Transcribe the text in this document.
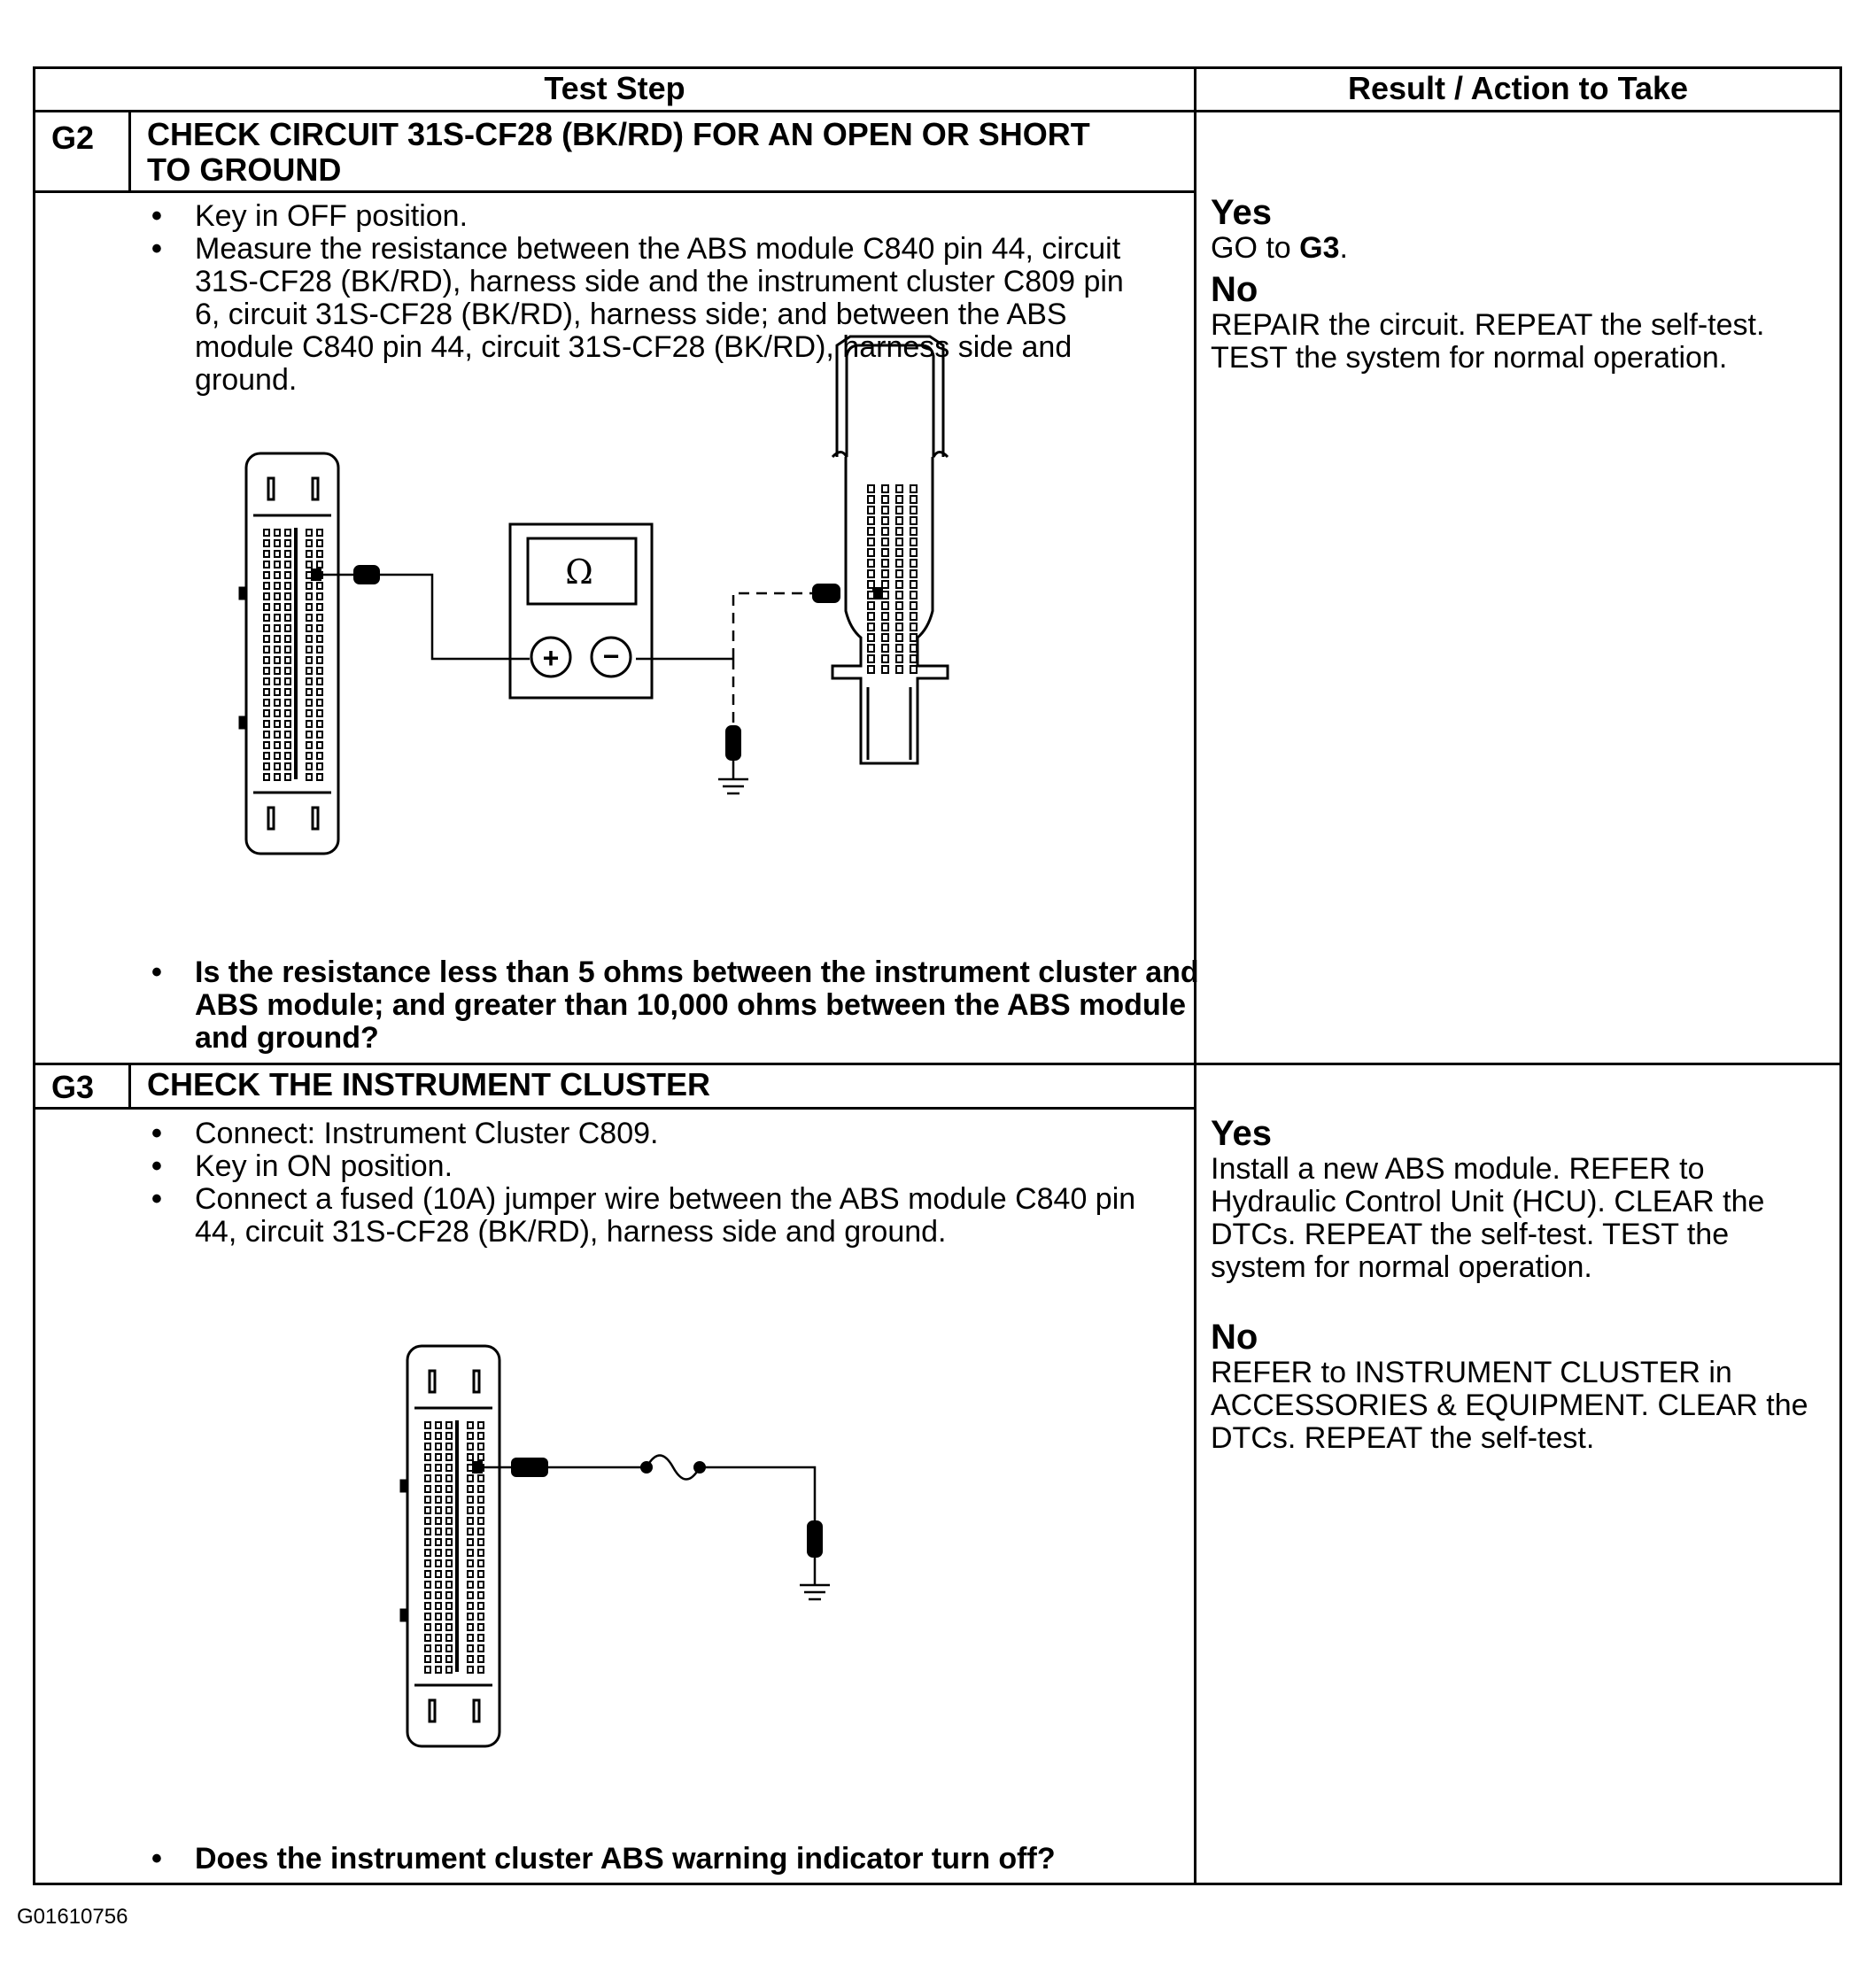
Test Step	Result / Action to Take
G2 CHECK CIRCUIT 31S-CF28 (BK/RD) FOR AN OPEN OR SHORT
TO GROUND
• Key in OFF position.
• Measure the resistance between the ABS module C840 pin 44, circuit 31S-CF28 (BK/RD), harness side and the instrument cluster C809 pin 6, circuit 31S-CF28 (BK/RD), harness side; and between the ABS module C840 pin 44, circuit 31S-CF28 (BK/RD), harness side and ground.
Ω
+ −
• Is the resistance less than 5 ohms between the instrument cluster and ABS module; and greater than 10,000 ohms between the ABS module and ground?
Yes
GO to G3.
No
REPAIR the circuit. REPEAT the self-test. TEST the system for normal operation.
G3 CHECK THE INSTRUMENT CLUSTER
• Connect: Instrument Cluster C809.
• Key in ON position.
• Connect a fused (10A) jumper wire between the ABS module C840 pin 44, circuit 31S-CF28 (BK/RD), harness side and ground.
• Does the instrument cluster ABS warning indicator turn off?
Yes
Install a new ABS module. REFER to Hydraulic Control Unit (HCU). CLEAR the DTCs. REPEAT the self-test. TEST the system for normal operation.
No
REFER to INSTRUMENT CLUSTER in ACCESSORIES & EQUIPMENT. CLEAR the DTCs. REPEAT the self-test.
G01610756
